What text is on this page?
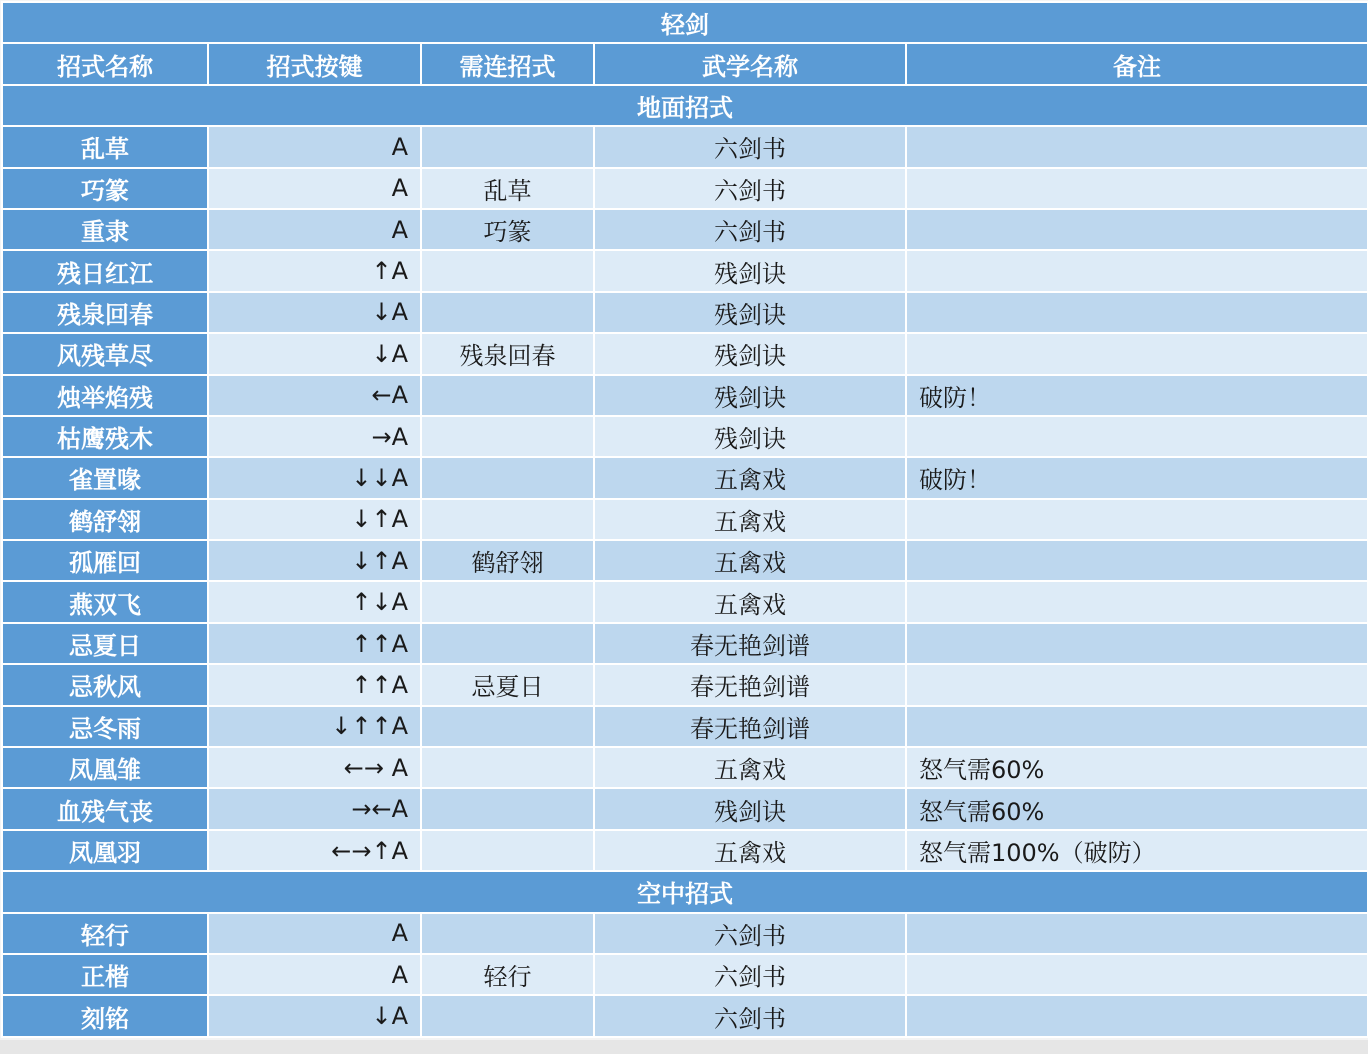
轻剑				
招式名称	招式按键	需连招式	武学名称	备注
地面招式				
乱草	A		六剑书	
巧篆	A	乱草	六剑书	
重隶	A	巧篆	六剑书	
残日红江	↑A		残剑诀	
残泉回春	↓A		残剑诀	
风残草尽	↓A	残泉回春	残剑诀	
烛举焰残	←A		残剑诀	破防！
枯鹰残木	→A		残剑诀	
雀置喙	↓↓A		五禽戏	破防！
鹤舒翎	↓↑A		五禽戏	
孤雁回	↓↑A	鹤舒翎	五禽戏	
燕双飞	↑↓A		五禽戏	
忌夏日	↑↑A		春无艳剑谱	
忌秋风	↑↑A	忌夏日	春无艳剑谱	
忌冬雨	↓↑↑A		春无艳剑谱	
凤凰雏	←→ A		五禽戏	怒气需60%
血残气丧	→←A		残剑诀	怒气需60%
凤凰羽	←→↑A		五禽戏	怒气需100%（破防）
空中招式				
轻行	A		六剑书	
正楷	A	轻行	六剑书	
刻铭	↓A		六剑书	
